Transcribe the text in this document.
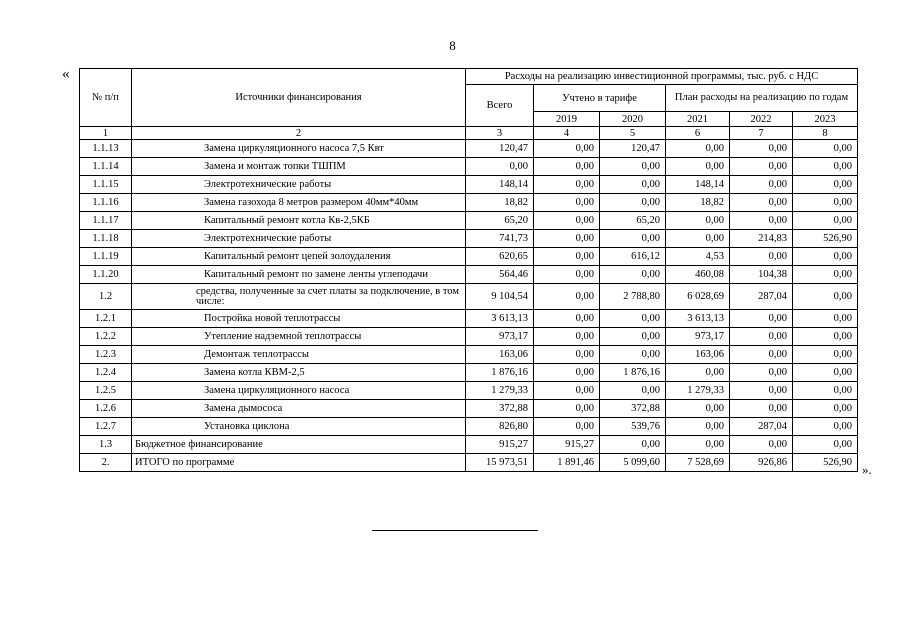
8
«
».
№ п/п	Источники финансирования	Расходы на реализацию инвестиционной программы, тыс. руб. с НДС					
		Всего	Учтено в тарифе		План расходы на реализацию по годам		
			2019	2020	2021	2022	2023
1	2	3	4	5	6	7	8
1.1.13	Замена циркуляционного насоса 7,5 Квт	120,47	0,00	120,47	0,00	0,00	0,00
1.1.14	Замена и монтаж топки ТШПМ	0,00	0,00	0,00	0,00	0,00	0,00
1.1.15	Электротехнические работы	148,14	0,00	0,00	148,14	0,00	0,00
1.1.16	Замена газохода 8 метров размером 40мм*40мм	18,82	0,00	0,00	18,82	0,00	0,00
1.1.17	Капитальный ремонт котла Кв-2,5КБ	65,20	0,00	65,20	0,00	0,00	0,00
1.1.18	Электротехнические работы	741,73	0,00	0,00	0,00	214,83	526,90
1.1.19	Капитальный ремонт цепей золоудаления	620,65	0,00	616,12	4,53	0,00	0,00
1.1.20	Капитальный ремонт по замене ленты углеподачи	564,46	0,00	0,00	460,08	104,38	0,00
1.2	средства, полученные за счет платы за подключение, в том числе:	9 104,54	0,00	2 788,80	6 028,69	287,04	0,00
1.2.1	Постройка новой теплотрассы	3 613,13	0,00	0,00	3 613,13	0,00	0,00
1.2.2	Утепление надземной теплотрассы	973,17	0,00	0,00	973,17	0,00	0,00
1.2.3	Демонтаж теплотрассы	163,06	0,00	0,00	163,06	0,00	0,00
1.2.4	Замена котла КВМ-2,5	1 876,16	0,00	1 876,16	0,00	0,00	0,00
1.2.5	Замена циркуляционного насоса	1 279,33	0,00	0,00	1 279,33	0,00	0,00
1.2.6	Замена дымососа	372,88	0,00	372,88	0,00	0,00	0,00
1.2.7	Установка циклона	826,80	0,00	539,76	0,00	287,04	0,00
1.3	Бюджетное финансирование	915,27	915,27	0,00	0,00	0,00	0,00
2.	ИТОГО по программе	15 973,51	1 891,46	5 099,60	7 528,69	926,86	526,90
